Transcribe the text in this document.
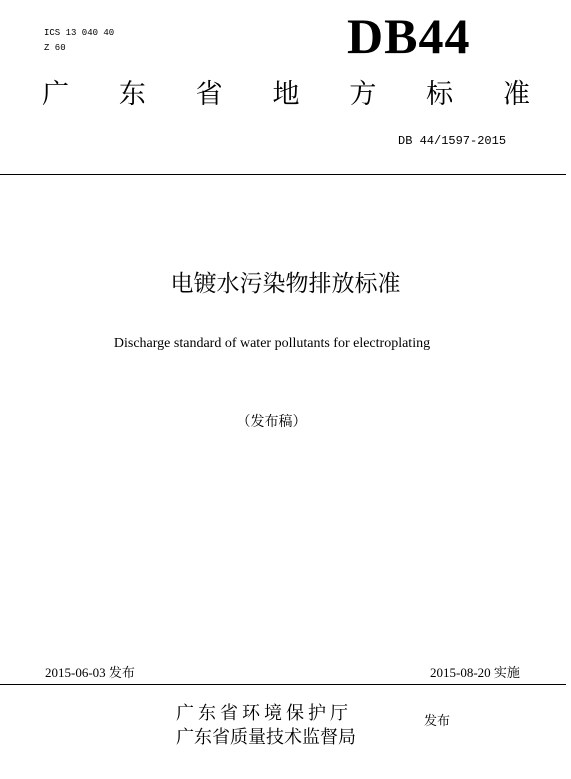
ICS 13 040 40
Z 60	DB44
广 东 省 地 方 标 准
DB 44/1597-2015
电镀水污染物排放标准
Discharge standard of water pollutants for electroplating
（发布稿）
2015-06-03 发布	2015-08-20 实施
广东省环境保护厅
广东省质量技术监督局
发布
